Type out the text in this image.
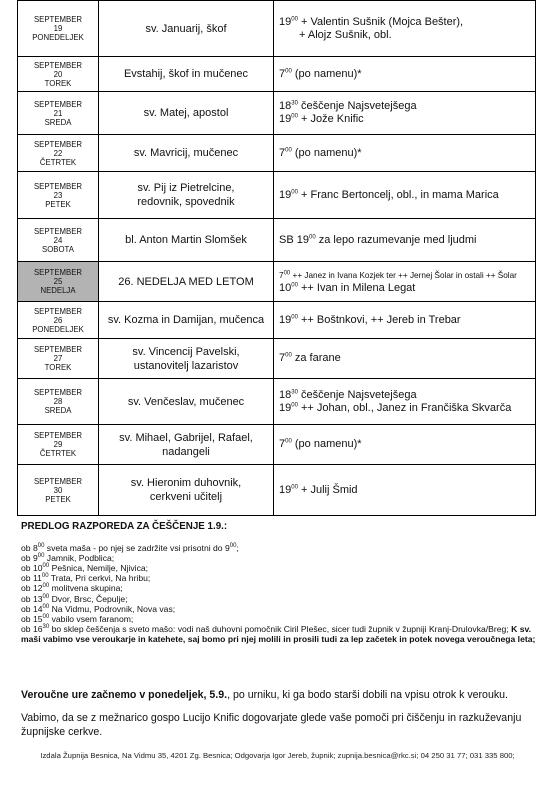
SEPTEMBER
19
PONEDELJEK	sv. Januarij, škof	$19^{00}$ + Valentin Sušnik (Mojca Bešter),
+ Alojz Sušnik, obl.

SEPTEMBER
20
TOREK	Evstahij, škof in mučenec	$7^{00}$ (po namenu)*

SEPTEMBER
21
SREDA	sv. Matej, apostol	$18^{30}$ češčenje Najsvetejšega
$19^{00}$ + Jože Knific

SEPTEMBER
22
ČETRTEK	sv. Mavricij, mučenec	$7^{00}$ (po namenu)*

SEPTEMBER
23
PETEK	sv. Pij iz Pietrelcine,
redovnik, spovednik	$19^{00}$ + Franc Bertoncelj, obl., in mama Marica

SEPTEMBER
24
SOBOTA	bl. Anton Martin Slomšek	SB $19^{00}$ za lepo razumevanje med ljudmi

SEPTEMBER
25
NEDELJA	26. NEDELJA MED LETOM	$7^{00}$ ++ Janez in Ivana Kozjek ter ++ Jernej Šolar in ostali ++ Šolar
$10^{00}$ ++ Ivan in Milena Legat

SEPTEMBER
26
PONEDELJEK	sv. Kozma in Damijan, mučenca	$19^{00}$ ++ Boštnkovi, ++ Jereb in Trebar

SEPTEMBER
27
TOREK	sv. Vincencij Pavelski,
ustanovitelj lazaristov	$7^{00}$ za farane

SEPTEMBER
28
SREDA	sv. Venčeslav, mučenec	$18^{30}$ češčenje Najsvetejšega
$19^{00}$ ++ Johan, obl., Janez in Frančiška Skvarča

SEPTEMBER
29
ČETRTEK	sv. Mihael, Gabrijel, Rafael,
nadangeli	$7^{00}$ (po namenu)*

SEPTEMBER
30
PETEK	sv. Hieronim duhovnik,
cerkveni učitelj	$19^{00}$ + Julij Šmid
PREDLOG RAZPOREDA ZA ČEŠČENJE 1.9.:
ob $8^{00}$ sveta maša - po njej se zadržite vsi prisotni do $9^{00}$;
ob $9^{00}$ Jamnik, Podblica;
ob $10^{00}$ Pešnica, Nemilje, Njivica;
ob $11^{00}$ Trata, Pri cerkvi, Na hribu;
ob $12^{00}$ molitvena skupina;
ob $13^{00}$ Dvor, Brsc, Čepulje;
ob $14^{00}$ Na Vidmu, Podrovnik, Nova vas;
ob $15^{00}$ vabilo vsem faranom;
ob $16^{30}$ bo sklep češčenja s sveto mašo: vodi naš duhovni pomočnik Ciril Plešec, sicer tudi župnik v župniji Kranj-Drulovka/Breg; K sv. maši vabimo vse veroukarje in katehete, saj bomo pri njej molili in prosili tudi za lep začetek in potek novega veroučnega leta;
Veroučne ure začnemo v ponedeljek, 5.9., po urniku, ki ga bodo starši dobili na vpisu otrok k verouku.
Vabimo, da se z mežnarico gospo Lucijo Knific dogovarjate glede vaše pomoči pri čiščenju in razkuževanju župnijske cerkve.
Izdala Župnija Besnica, Na Vidmu 35, 4201 Zg. Besnica; Odgovarja Igor Jereb, župnik; zupnija.besnica@rkc.si; 04 250 31 77; 031 335 800;
